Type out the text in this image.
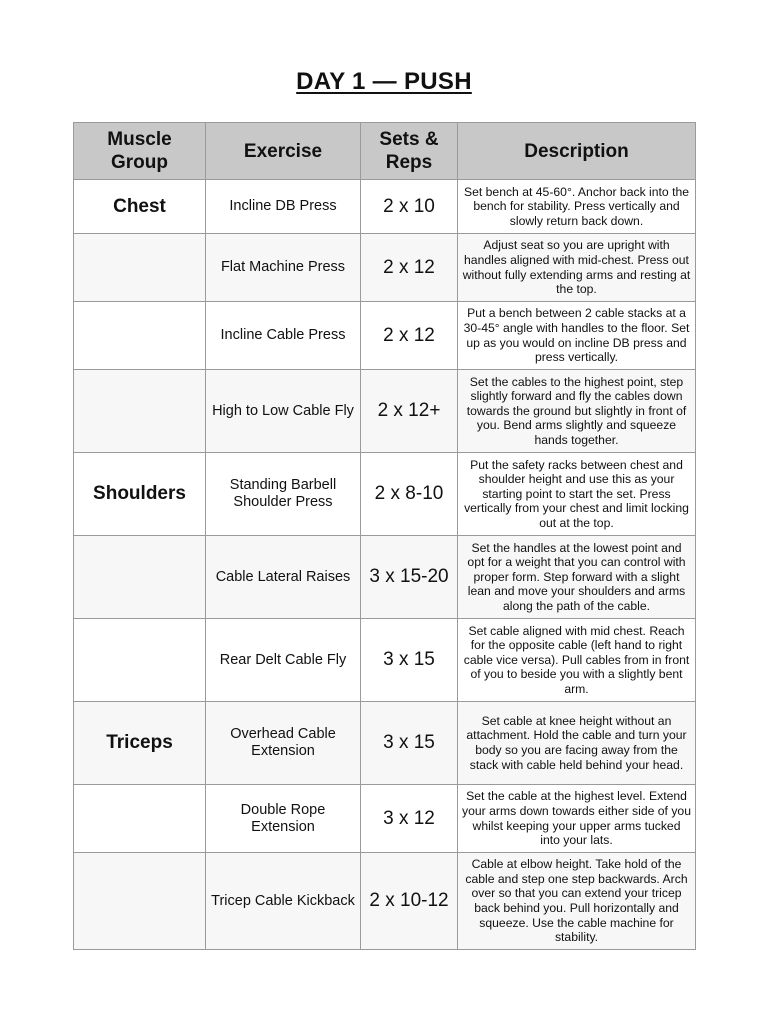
DAY 1 — PUSH
Muscle Group	Exercise	Sets & Reps	Description
Chest	Incline DB Press	2 x 10	Set bench at 45-60°. Anchor back into the bench for stability. Press vertically and slowly return back down.
	Flat Machine Press	2 x 12	Adjust seat so you are upright with handles aligned with mid-chest. Press out without fully extending arms and resting at the top.
	Incline Cable Press	2 x 12	Put a bench between 2 cable stacks at a 30-45° angle with handles to the floor. Set up as you would on incline DB press and press vertically.
	High to Low Cable Fly	2 x 12+	Set the cables to the highest point, step slightly forward and fly the cables down towards the ground but slightly in front of you. Bend arms slightly and squeeze hands together.
Shoulders	Standing Barbell Shoulder Press	2 x 8-10	Put the safety racks between chest and shoulder height and use this as your starting point to start the set. Press vertically from your chest and limit locking out at the top.
	Cable Lateral Raises	3 x 15-20	Set the handles at the lowest point and opt for a weight that you can control with proper form. Step forward with a slight lean and move your shoulders and arms along the path of the cable.
	Rear Delt Cable Fly	3 x 15	Set cable aligned with mid chest. Reach for the opposite cable (left hand to right cable vice versa). Pull cables from in front of you to beside you with a slightly bent arm.
Triceps	Overhead Cable Extension	3 x 15	Set cable at knee height without an attachment. Hold the cable and turn your body so you are facing away from the stack with cable held behind your head.
	Double Rope Extension	3 x 12	Set the cable at the highest level. Extend your arms down towards either side of you whilst keeping your upper arms tucked into your lats.
	Tricep Cable Kickback	2 x 10-12	Cable at elbow height. Take hold of the cable and step one step backwards. Arch over so that you can extend your tricep back behind you. Pull horizontally and squeeze. Use the cable machine for stability.
